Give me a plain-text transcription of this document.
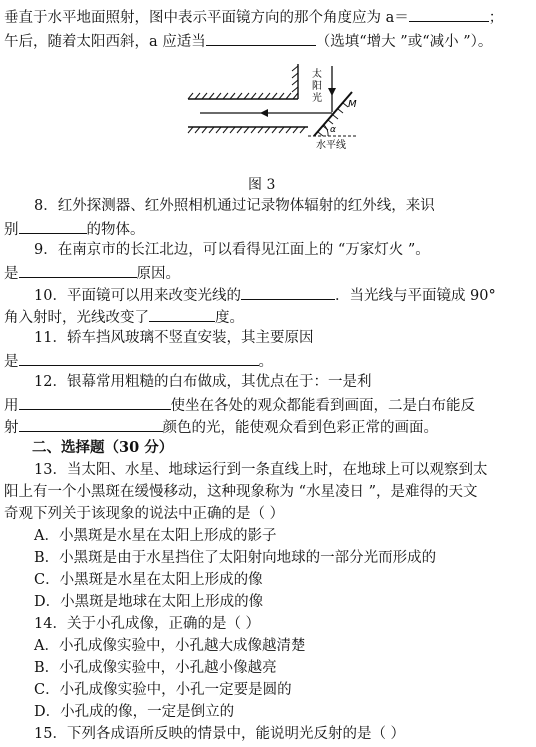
垂直于水平地面照射，图中表示平面镜方向的那个角度应为 a＝	；
午后，随着太阳西斜，a 应适当	（选填“增大 ”或“减小 ”）。
太
阳
光
M
α
水平线
图 3
8．红外探测器、红外照相机通过记录物体辐射的红外线，来识
别	的物体。
9．在南京市的长江北边，可以看得见江面上的 “万家灯火 ”。
是	原因。
10．平面镜可以用来改变光线的	．当光线与平面镜成 90°
角入射时，光线改变了	度。
11．轿车挡风玻璃不竖直安装，其主要原因
是	。
12．银幕常用粗糙的白布做成，其优点在于：一是利
用	使坐在各处的观众都能看到画面，二是白布能反
射	颜色的光，能使观众看到色彩正常的画面。
二、选择题（30 分）
13．当太阳、水星、地球运行到一条直线上时，在地球上可以观察到太
阳上有一个小黑斑在缓慢移动，这种现象称为 “水星凌日 ”，是难得的天文
奇观下列关于该现象的说法中正确的是（ ）
A．小黑斑是水星在太阳上形成的影子
B．小黑斑是由于水星挡住了太阳射向地球的一部分光而形成的
C．小黑斑是水星在太阳上形成的像
D．小黑斑是地球在太阳上形成的像
14．关于小孔成像，正确的是（ ）
A．小孔成像实验中，小孔越大成像越清楚
B．小孔成像实验中，小孔越小像越亮
C．小孔成像实验中，小孔一定要是圆的
D．小孔成的像，一定是倒立的
15．下列各成语所反映的情景中，能说明光反射的是（ ）
